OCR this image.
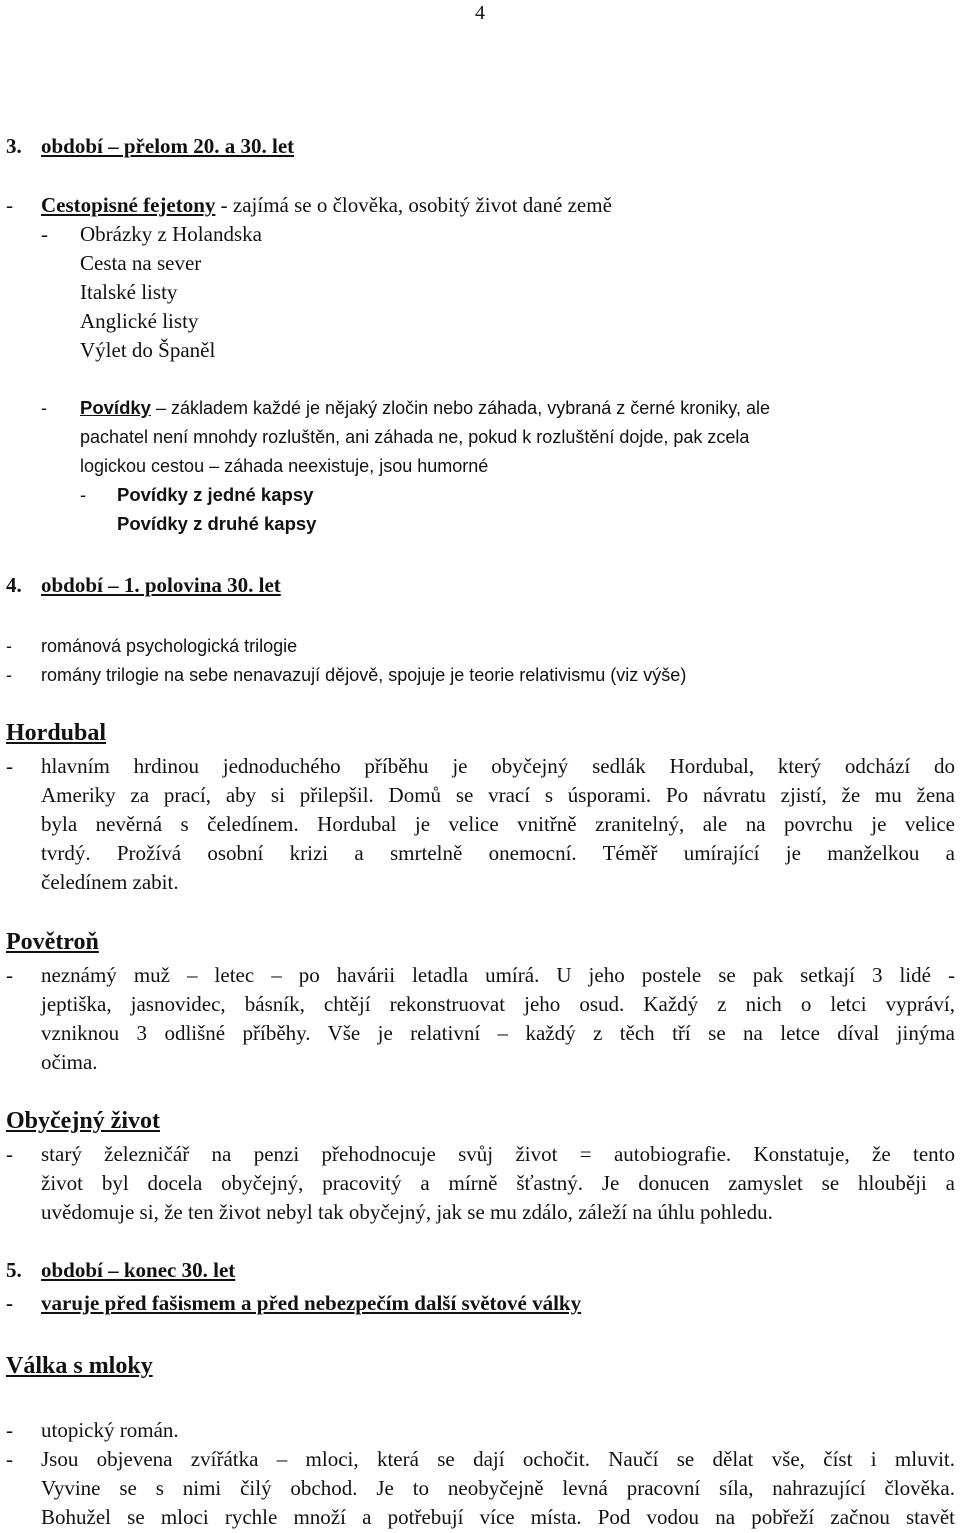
4
3. období – přelom 20. a 30. let
- Cestopisné fejetony - zajímá se o člověka, osobitý život dané země
- Obrázky z Holandska
Cesta na sever
Italské listy
Anglické listy
Výlet do Španěl
- Povídky – základem každé je nějaký zločin nebo záhada, vybraná z černé kroniky, ale
pachatel není mnohdy rozluštěn, ani záhada ne, pokud k rozluštění dojde, pak zcela
logickou cestou – záhada neexistuje, jsou humorné
- Povídky z jedné kapsy
Povídky z druhé kapsy
4. období – 1. polovina 30. let
- románová psychologická trilogie
- romány trilogie na sebe nenavazují dějově, spojuje je teorie relativismu (viz výše)
Hordubal
- hlavním hrdinou jednoduchého příběhu je obyčejný sedlák Hordubal, který odchází do
Ameriky za prací, aby si přilepšil. Domů se vrací s úsporami. Po návratu zjistí, že mu žena
byla nevěrná s čeledínem. Hordubal je velice vnitřně zranitelný, ale na povrchu je velice
tvrdý. Prožívá osobní krizi a smrtelně onemocní. Téměř umírající je manželkou a
čeledínem zabit.
Povětroň
- neznámý muž – letec – po havárii letadla umírá. U jeho postele se pak setkají 3 lidé -
jeptiška, jasnovidec, básník, chtějí rekonstruovat jeho osud. Každý z nich o letci vypráví,
vzniknou 3 odlišné příběhy. Vše je relativní – každý z těch tří se na letce díval jinýma
očima.
Obyčejný život
- starý železničář na penzi přehodnocuje svůj život = autobiografie. Konstatuje, že tento
život byl docela obyčejný, pracovitý a mírně šťastný. Je donucen zamyslet se hlouběji a
uvědomuje si, že ten život nebyl tak obyčejný, jak se mu zdálo, záleží na úhlu pohledu.
5. období – konec 30. let
- varuje před fašismem a před nebezpečím další světové války
Válka s mloky
- utopický román.
- Jsou objevena zvířátka – mloci, která se dají ochočit. Naučí se dělat vše, číst i mluvit.
Vyvine se s nimi čilý obchod. Je to neobyčejně levná pracovní síla, nahrazující člověka.
Bohužel se mloci rychle množí a potřebují více místa. Pod vodou na pobřeží začnou stavět
